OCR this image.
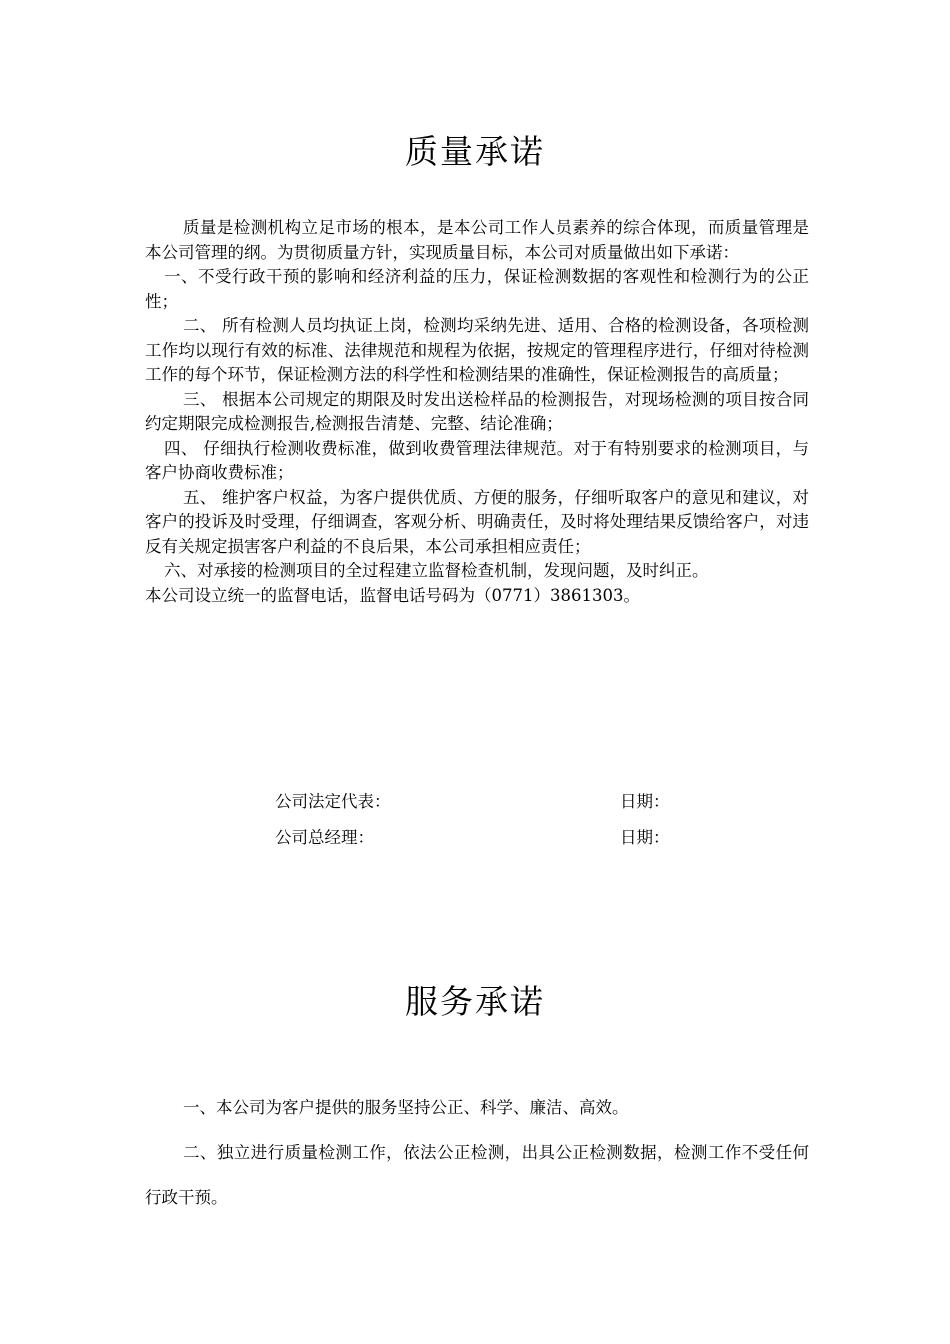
质量承诺

质量是检测机构立足市场的根本，是本公司工作人员素养的综合体现，而质量管理是本公司管理的纲。为贯彻质量方针，实现质量目标，本公司对质量做出如下承诺：

一、不受行政干预的影响和经济利益的压力，保证检测数据的客观性和检测行为的公正性；

二、 所有检测人员均执证上岗，检测均采纳先进、适用、合格的检测设备，各项检测工作均以现行有效的标准、法律规范和规程为依据，按规定的管理程序进行，仔细对待检测工作的每个环节，保证检测方法的科学性和检测结果的准确性，保证检测报告的高质量；

三、 根据本公司规定的期限及时发出送检样品的检测报告，对现场检测的项目按合同约定期限完成检测报告,检测报告清楚、完整、结论准确；

四、 仔细执行检测收费标准，做到收费管理法律规范。对于有特别要求的检测项目，与客户协商收费标准；

五、 维护客户权益，为客户提供优质、方便的服务，仔细听取客户的意见和建议，对客户的投诉及时受理，仔细调查，客观分析、明确责任，及时将处理结果反馈给客户，对违反有关规定损害客户利益的不良后果，本公司承担相应责任；

六、对承接的检测项目的全过程建立监督检查机制，发现问题，及时纠正。

本公司设立统一的监督电话，监督电话号码为（0771）3861303。

公司法定代表：	日期：
公司总经理：	日期：
服务承诺

一、本公司为客户提供的服务坚持公正、科学、廉洁、高效。

二、独立进行质量检测工作，依法公正检测，出具公正检测数据，检测工作不受任何行政干预。
